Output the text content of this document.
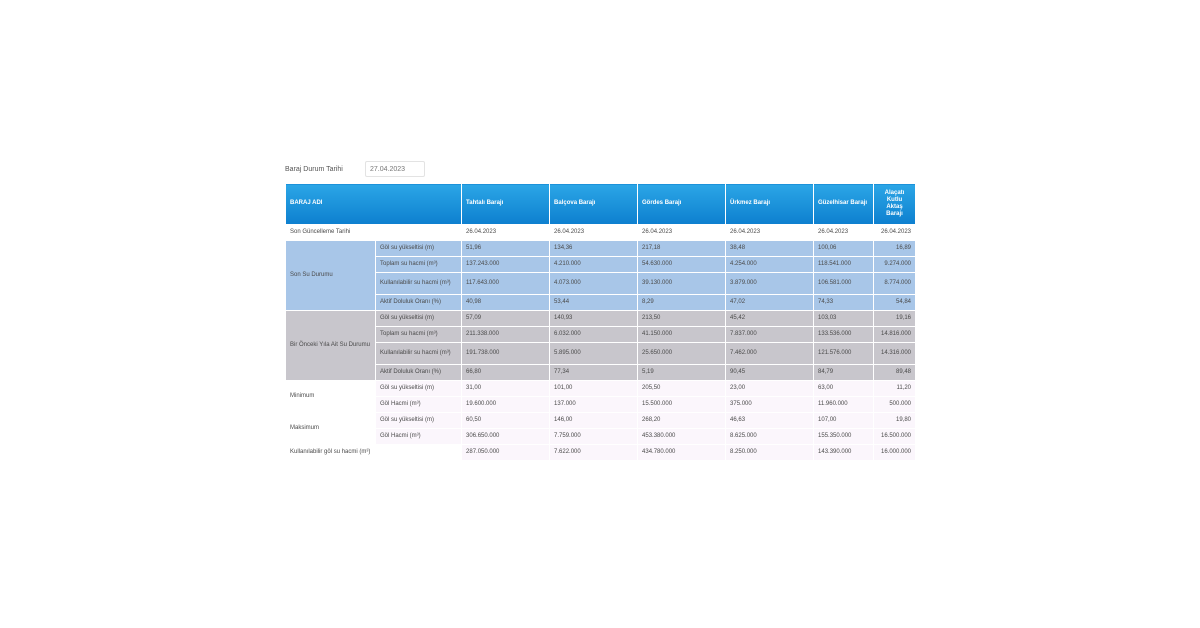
Baraj Durum Tarihi
27.04.2023
BARAJ ADI		Tahtalı Barajı	Balçova Barajı	Gördes Barajı	Ürkmez Barajı	Güzelhisar Barajı	Alaçatı Kutlu Aktaş Barajı
Son Güncelleme Tarihi		26.04.2023	26.04.2023	26.04.2023	26.04.2023	26.04.2023	26.04.2023
Son Su Durumu	Göl su yükseltisi (m)	51,96	134,36	217,18	38,48	100,06	16,89
	Toplam su hacmi (m³)	137.243.000	4.210.000	54.630.000	4.254.000	118.541.000	9.274.000
	Kullanılabilir su hacmi (m³)	117.643.000	4.073.000	39.130.000	3.879.000	106.581.000	8.774.000
	Aktif Doluluk Oranı (%)	40,98	53,44	8,29	47,02	74,33	54,84
Bir Önceki Yıla Ait Su Durumu	Göl su yükseltisi (m)	57,09	140,93	213,50	45,42	103,03	19,16
	Toplam su hacmi (m³)	211.338.000	6.032.000	41.150.000	7.837.000	133.536.000	14.816.000
	Kullanılabilir su hacmi (m³)	191.738.000	5.895.000	25.650.000	7.462.000	121.576.000	14.316.000
	Aktif Doluluk Oranı (%)	66,80	77,34	5,19	90,45	84,79	89,48
Minimum	Göl su yükseltisi (m)	31,00	101,00	205,50	23,00	63,00	11,20
	Göl Hacmi (m³)	19.600.000	137.000	15.500.000	375.000	11.960.000	500.000
Maksimum	Göl su yükseltisi (m)	60,50	146,00	268,20	46,63	107,00	19,80
	Göl Hacmi (m³)	306.650.000	7.759.000	453.380.000	8.625.000	155.350.000	16.500.000
Kullanılabilir göl su hacmi (m³)		287.050.000	7.622.000	434.780.000	8.250.000	143.390.000	16.000.000
